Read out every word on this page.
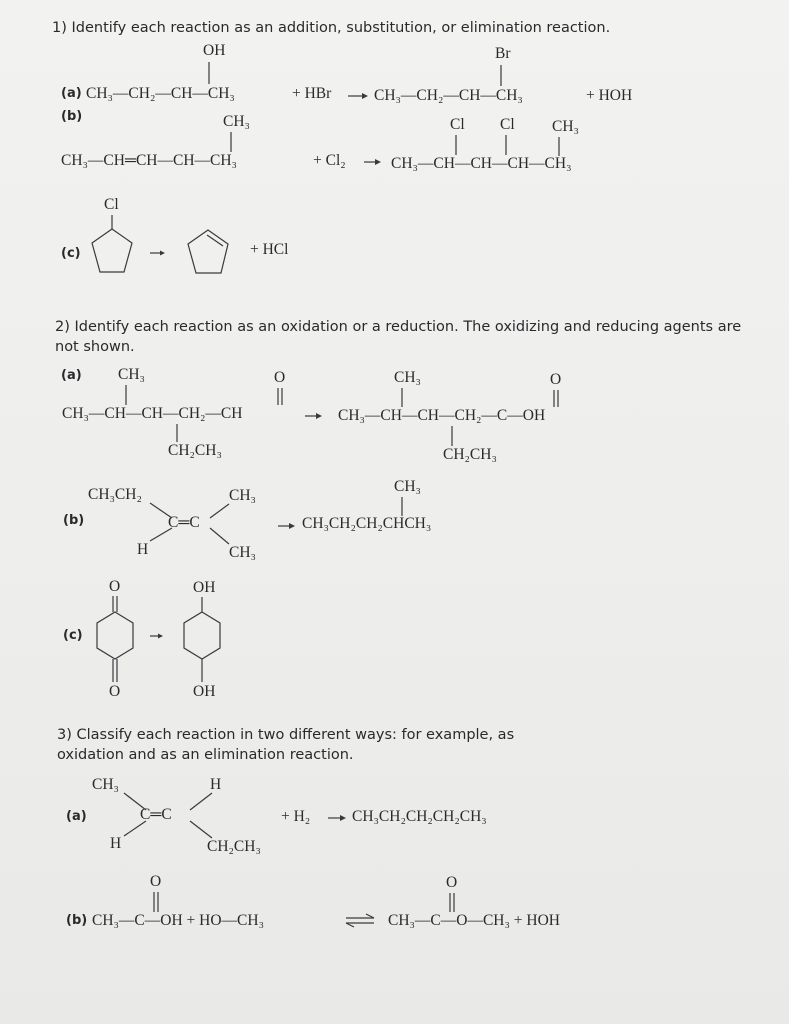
1) Identify each reaction as an addition, substitution, or elimination reaction.
OH	Br
(a) CH₃—CH₂—CH—CH₃	+ HBr	CH₃—CH₂—CH—CH₃	+ HOH
(b)	CH₃	Cl Cl CH₃
CH₃—CH═CH—CH—CH₃	+ Cl₂	CH₃—CH—CH—CH—CH₃
(c)
Cl
+ HCl
2) Identify each reaction as an oxidation or a reduction. The oxidizing and reducing agents are
not shown.
(a) CH₃	O
CH₃—CH—CH—CH₂—CH
CH₂CH₃
CH₃	O
CH₃—CH—CH—CH₂—C—OH
CH₂CH₃
(b)
CH₃CH₂	CH₃
C═C
H	CH₃
CH₃
CH₃CH₂CH₂CHCH₃
(c)
O
O
OH
OH
3) Classify each reaction in two different ways: for example, as
oxidation and as an elimination reaction.
(a)
CH₃	H
C═C
H	CH₂CH₃
+ H₂	CH₃CH₂CH₂CH₂CH₃
(b)
O
CH₃—C—OH + HO—CH₃
O
CH₃—C—O—CH₃ + HOH
